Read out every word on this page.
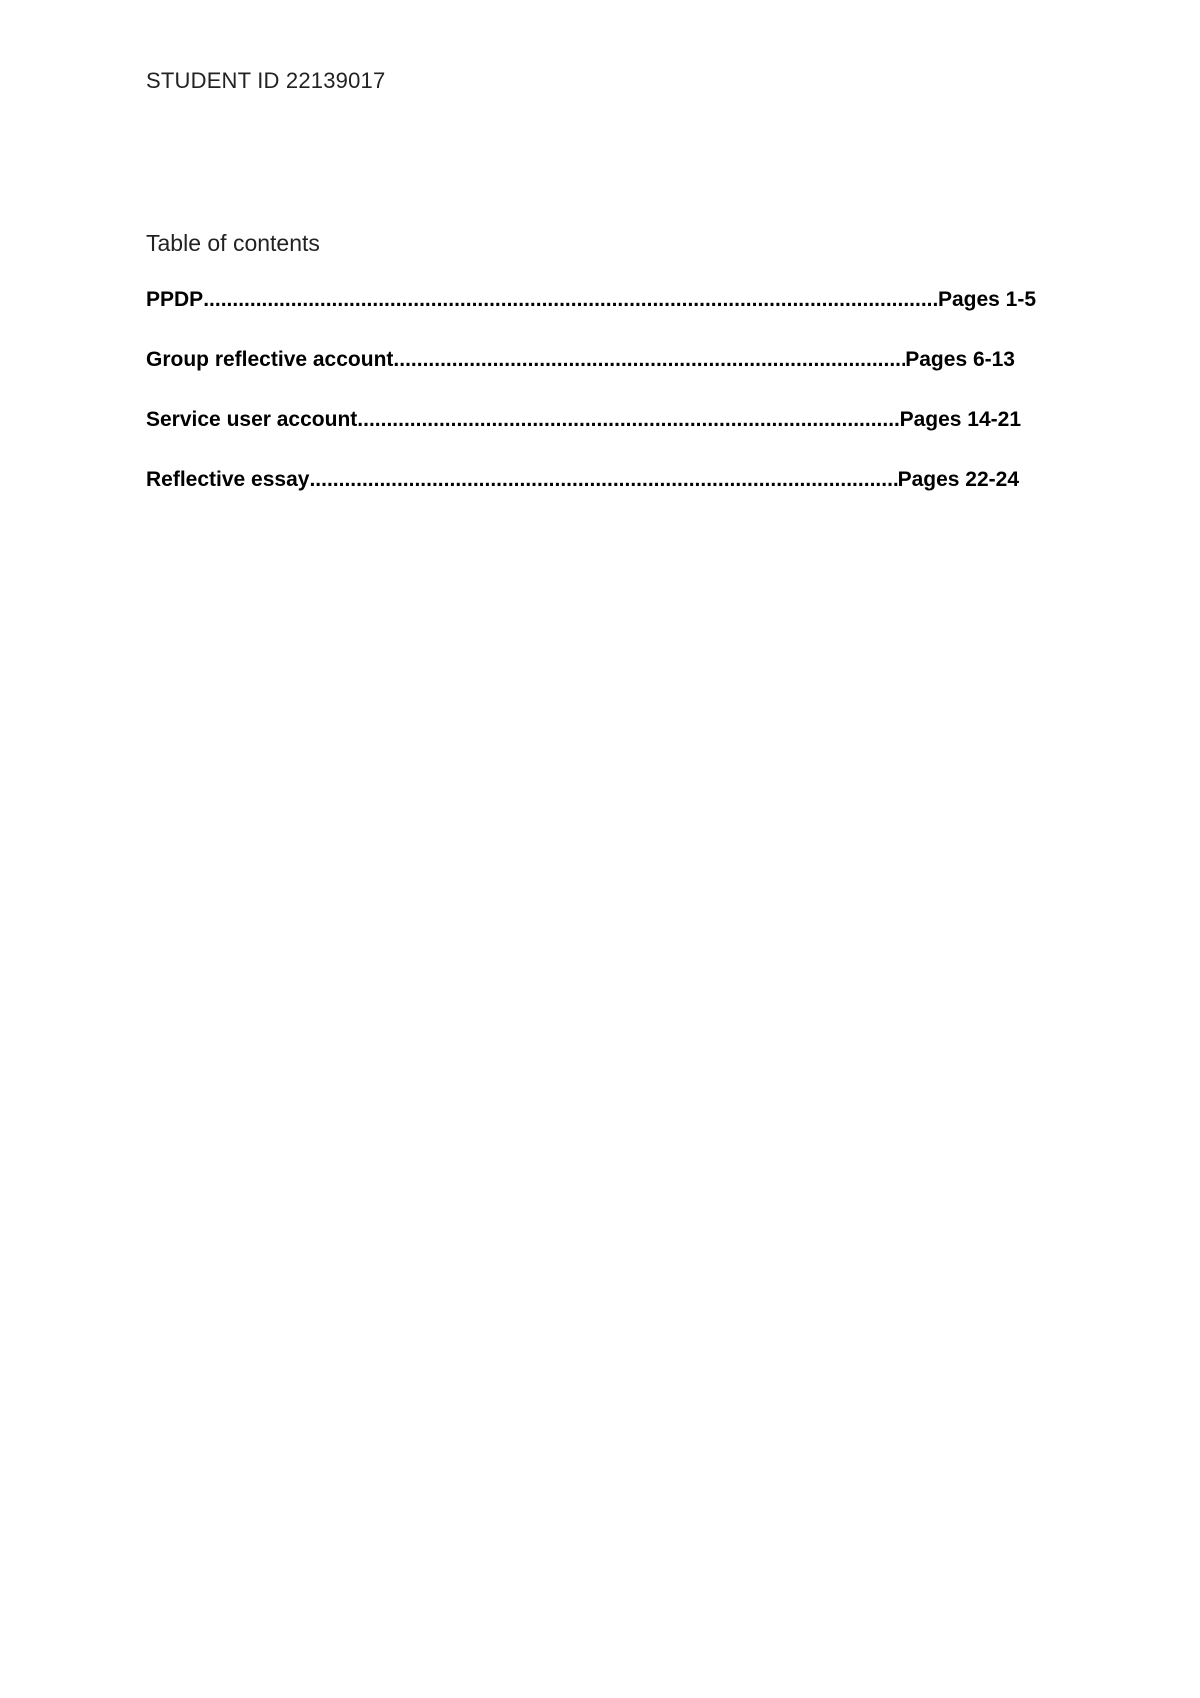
STUDENT ID 22139017
Table of contents
PPDP .....	Pages 1-5
Group reflective account .....	Pages 6-13
Service user account .....	Pages 14-21
Reflective essay .....	Pages 22-24
